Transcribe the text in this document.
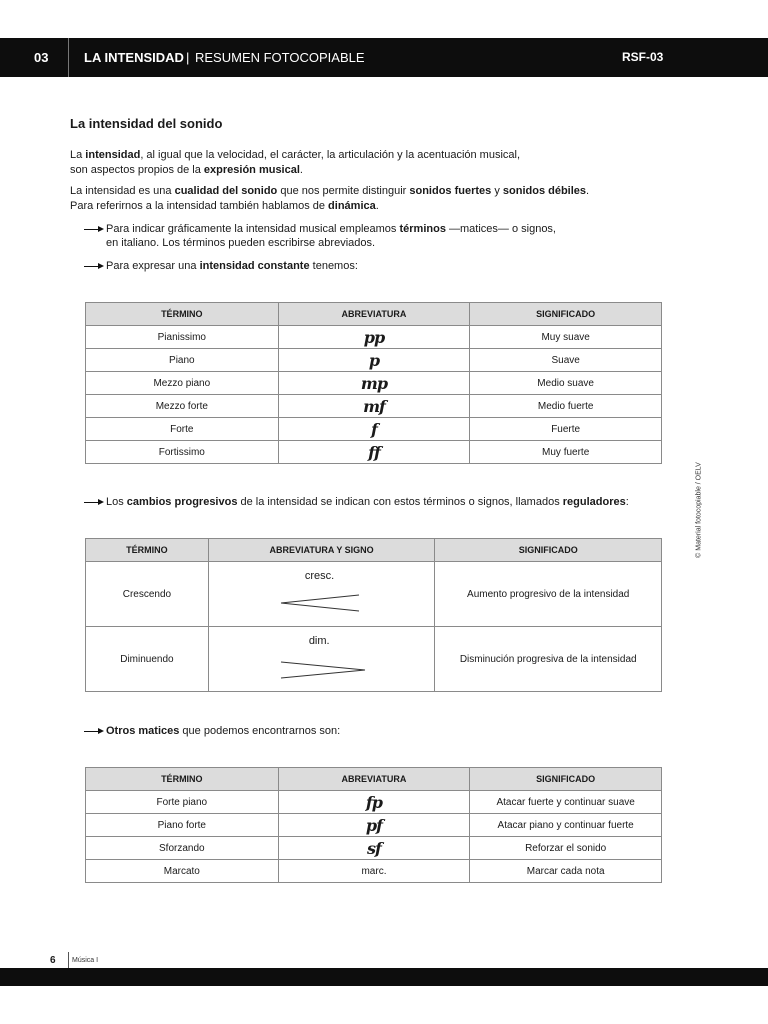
03	LA INTENSIDAD | RESUMEN FOTOCOPIABLE	RSF-03
La intensidad del sonido
La intensidad, al igual que la velocidad, el carácter, la articulación y la acentuación musical,
son aspectos propios de la expresión musical.
La intensidad es una cualidad del sonido que nos permite distinguir sonidos fuertes y sonidos débiles.
Para referirnos a la intensidad también hablamos de dinámica.
Para indicar gráficamente la intensidad musical empleamos términos —matices— o signos,
en italiano. Los términos pueden escribirse abreviados.
Para expresar una intensidad constante tenemos:
TÉRMINO	ABREVIATURA	SIGNIFICADO
Pianissimo	pp	Muy suave
Piano	p	Suave
Mezzo piano	mp	Medio suave
Mezzo forte	mf	Medio fuerte
Forte	f	Fuerte
Fortissimo	ff	Muy fuerte
Los cambios progresivos de la intensidad se indican con estos términos o signos, llamados reguladores:
TÉRMINO	ABREVIATURA Y SIGNO	SIGNIFICADO
Crescendo	cresc.	Aumento progresivo de la intensidad
Diminuendo	dim.	Disminución progresiva de la intensidad
Otros matices que podemos encontrarnos son:
TÉRMINO	ABREVIATURA	SIGNIFICADO
Forte piano	fp	Atacar fuerte y continuar suave
Piano forte	pf	Atacar piano y continuar fuerte
Sforzando	sf	Reforzar el sonido
Marcato	marc.	Marcar cada nota
© Material fotocopiable / OELV
6 Música I
